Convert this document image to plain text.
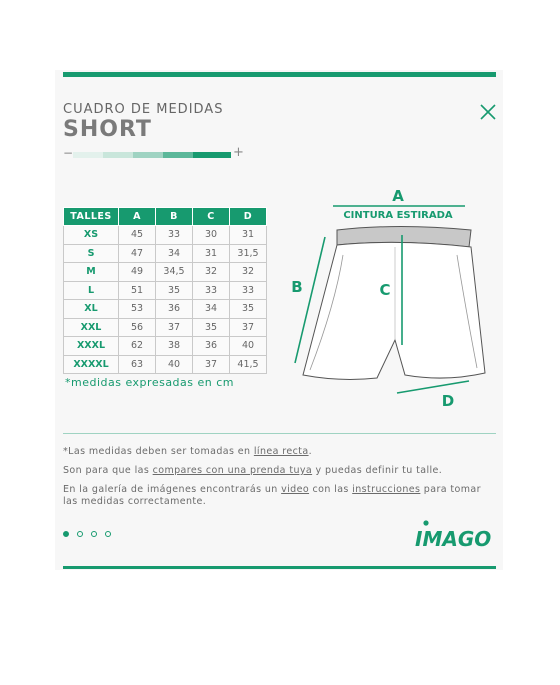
CUADRO DE MEDIDAS
SHORT
−	+
TALLES	A	B	C	D
XS	45	33	30	31
S	47	34	31	31,5
M	49	34,5	32	32
L	51	35	33	33
XL	53	36	34	35
XXL	56	37	35	37
XXXL	62	38	36	40
XXXXL	63	40	37	41,5
*medidas expresadas en cm
A
CINTURA ESTIRADA
B	C
D
*Las medidas deben ser tomadas en línea recta.
Son para que las compares con una prenda tuya y puedas definir tu talle.
En la galería de imágenes encontrarás un video con las instrucciones para tomar las medidas correctamente.
IMAGO
